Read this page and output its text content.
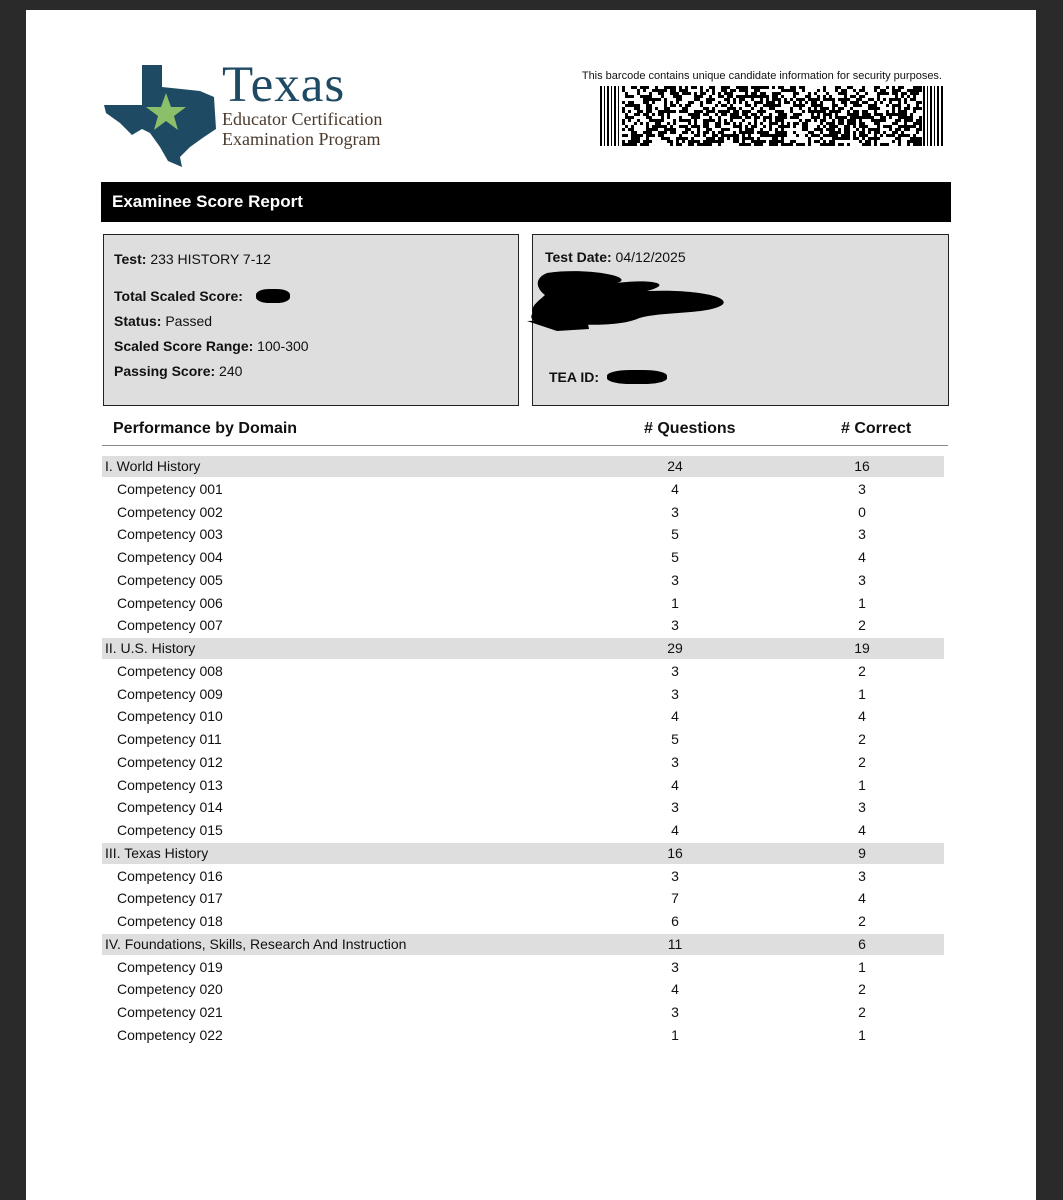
Texas
Educator Certification
Examination Program
This barcode contains unique candidate information for security purposes.
Examinee Score Report
Test: 233 HISTORY 7-12
Total Scaled Score:
Status: Passed
Scaled Score Range: 100-300
Passing Score: 240
Test Date: 04/12/2025
TEA ID:
Performance by Domain	# Questions	# Correct
I. World History	24	16
Competency 001	4	3
Competency 002	3	0
Competency 003	5	3
Competency 004	5	4
Competency 005	3	3
Competency 006	1	1
Competency 007	3	2
II. U.S. History	29	19
Competency 008	3	2
Competency 009	3	1
Competency 010	4	4
Competency 011	5	2
Competency 012	3	2
Competency 013	4	1
Competency 014	3	3
Competency 015	4	4
III. Texas History	16	9
Competency 016	3	3
Competency 017	7	4
Competency 018	6	2
IV. Foundations, Skills, Research And Instruction	11	6
Competency 019	3	1
Competency 020	4	2
Competency 021	3	2
Competency 022	1	1
